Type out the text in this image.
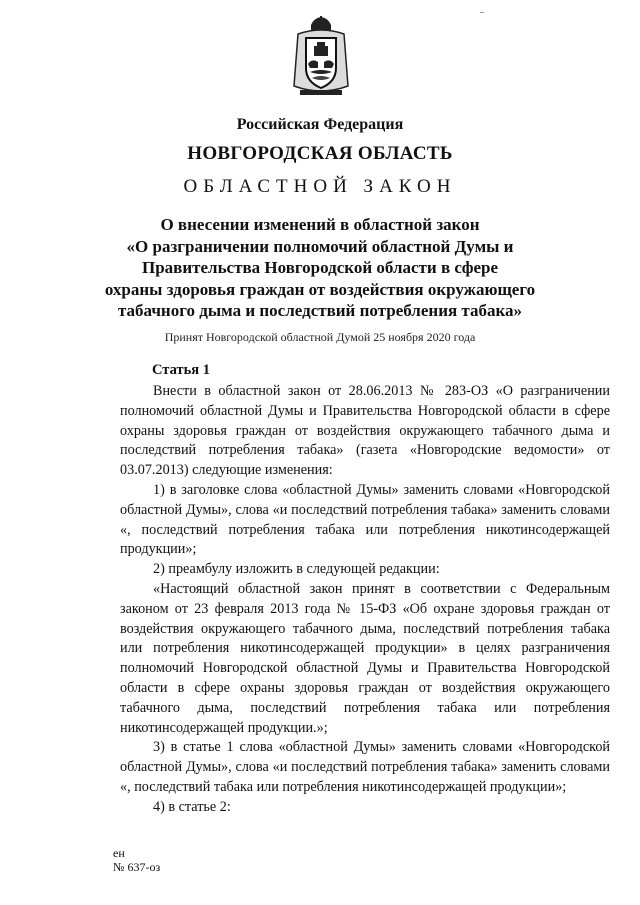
Российская Федерация
НОВГОРОДСКАЯ ОБЛАСТЬ
ОБЛАСТНОЙ ЗАКОН
О внесении изменений в областной закон
«О разграничении полномочий областной Думы и
Правительства Новгородской области в сфере
охраны здоровья граждан от воздействия окружающего
табачного дыма и последствий потребления табака»
Принят Новгородской областной Думой 25 ноября 2020 года
Статья 1

Внести в областной закон от 28.06.2013 № 283-ОЗ «О разграничении полномочий областной Думы и Правительства Новгородской области в сфере охраны здоровья граждан от воздействия окружающего табачного дыма и последствий потребления табака» (газета «Новгородские ведомости» от 03.07.2013) следующие изменения:

1) в заголовке слова «областной Думы» заменить словами «Новгородской областной Думы», слова «и последствий потребления табака» заменить словами «, последствий потребления табака или потребления никотинсодержащей продукции»;

2) преамбулу изложить в следующей редакции:

«Настоящий областной закон принят в соответствии с Федеральным законом от 23 февраля 2013 года № 15-ФЗ «Об охране здоровья граждан от воздействия окружающего табачного дыма, последствий потребления табака или потребления никотинсодержащей продукции» в целях разграничения полномочий Новгородской областной Думы и Правительства Новгородской области в сфере охраны здоровья граждан от воздействия окружающего табачного дыма, последствий потребления табака или потребления никотинсодержащей продукции.»;

3) в статье 1 слова «областной Думы» заменить словами «Новгородской областной Думы», слова «и последствий потребления табака» заменить словами «, последствий табака или потребления никотинсодержащей продукции»;

4) в статье 2:

ен
№ 637-оз
